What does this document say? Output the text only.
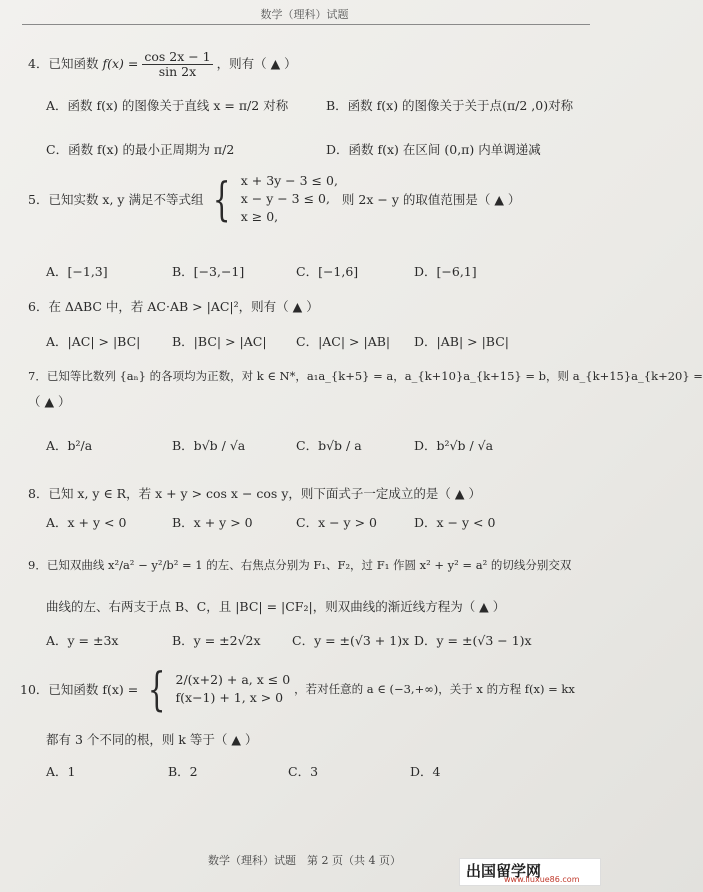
数学（理科）试题
4．已知函数 $f(x) = \frac{\cos 2x - 1}{\sin 2x}$ ，则有（ ▲ ）
A．函数 f(x) 的图像关于直线 x = π/2 对称	B．函数 f(x) 的图像关于关于点(π/2 ,0)对称
C．函数 f(x) 的最小正周期为 π/2	D．函数 f(x) 在区间 (0,π) 内单调递减
5．已知实数 x, y 满足不等式组 { x + 3y − 3 ≤ 0,
x − y − 3 ≤ 0,
x ≥ 0,
则 2x − y 的取值范围是（ ▲ ）
A．[−1,3]	B．[−3,−1]	C．[−1,6]	D．[−6,1]
6．在 ΔABC 中，若 AC·AB > |AC|²，则有（ ▲ ）
A．|AC| > |BC|	B．|BC| > |AC| C．|AC| > |AB| D．|AB| > |BC|
7．已知等比数列 {aₙ} 的各项均为正数，对 k ∈ N*，a₁a_{k+5} = a，a_{k+10}a_{k+15} = b，则 a_{k+15}a_{k+20} =
（ ▲ ）
A．b²/a	B．b√b / √a	C．b√b / a	D．b²√b / √a
8．已知 x, y ∈ R，若 x + y > cos x − cos y，则下面式子一定成立的是（ ▲ ）
A．x + y < 0	B．x + y > 0	C．x − y > 0	D．x − y < 0
9．已知双曲线 x²/a² − y²/b² = 1 的左、右焦点分别为 F₁、F₂，过 F₁ 作圆 x² + y² = a² 的切线分别交双
曲线的左、右两支于点 B、C，且 |BC| = |CF₂|，则双曲线的渐近线方程为（ ▲ ）
A．y = ±3x	B．y = ±2√2x	C．y = ±(√3 + 1)x D．y = ±(√3 − 1)x
10．已知函数 f(x) = { 2/(x+2) + a, x ≤ 0
f(x−1) + 1, x > 0
，若对任意的 a ∈ (−3,+∞)，关于 x 的方程 f(x) = kx
都有 3 个不同的根，则 k 等于（ ▲ ）
A．1	B．2	C．3	D．4
数学（理科）试题　第 2 页（共 4 页）
出国留学网
www.liuxue86.com
